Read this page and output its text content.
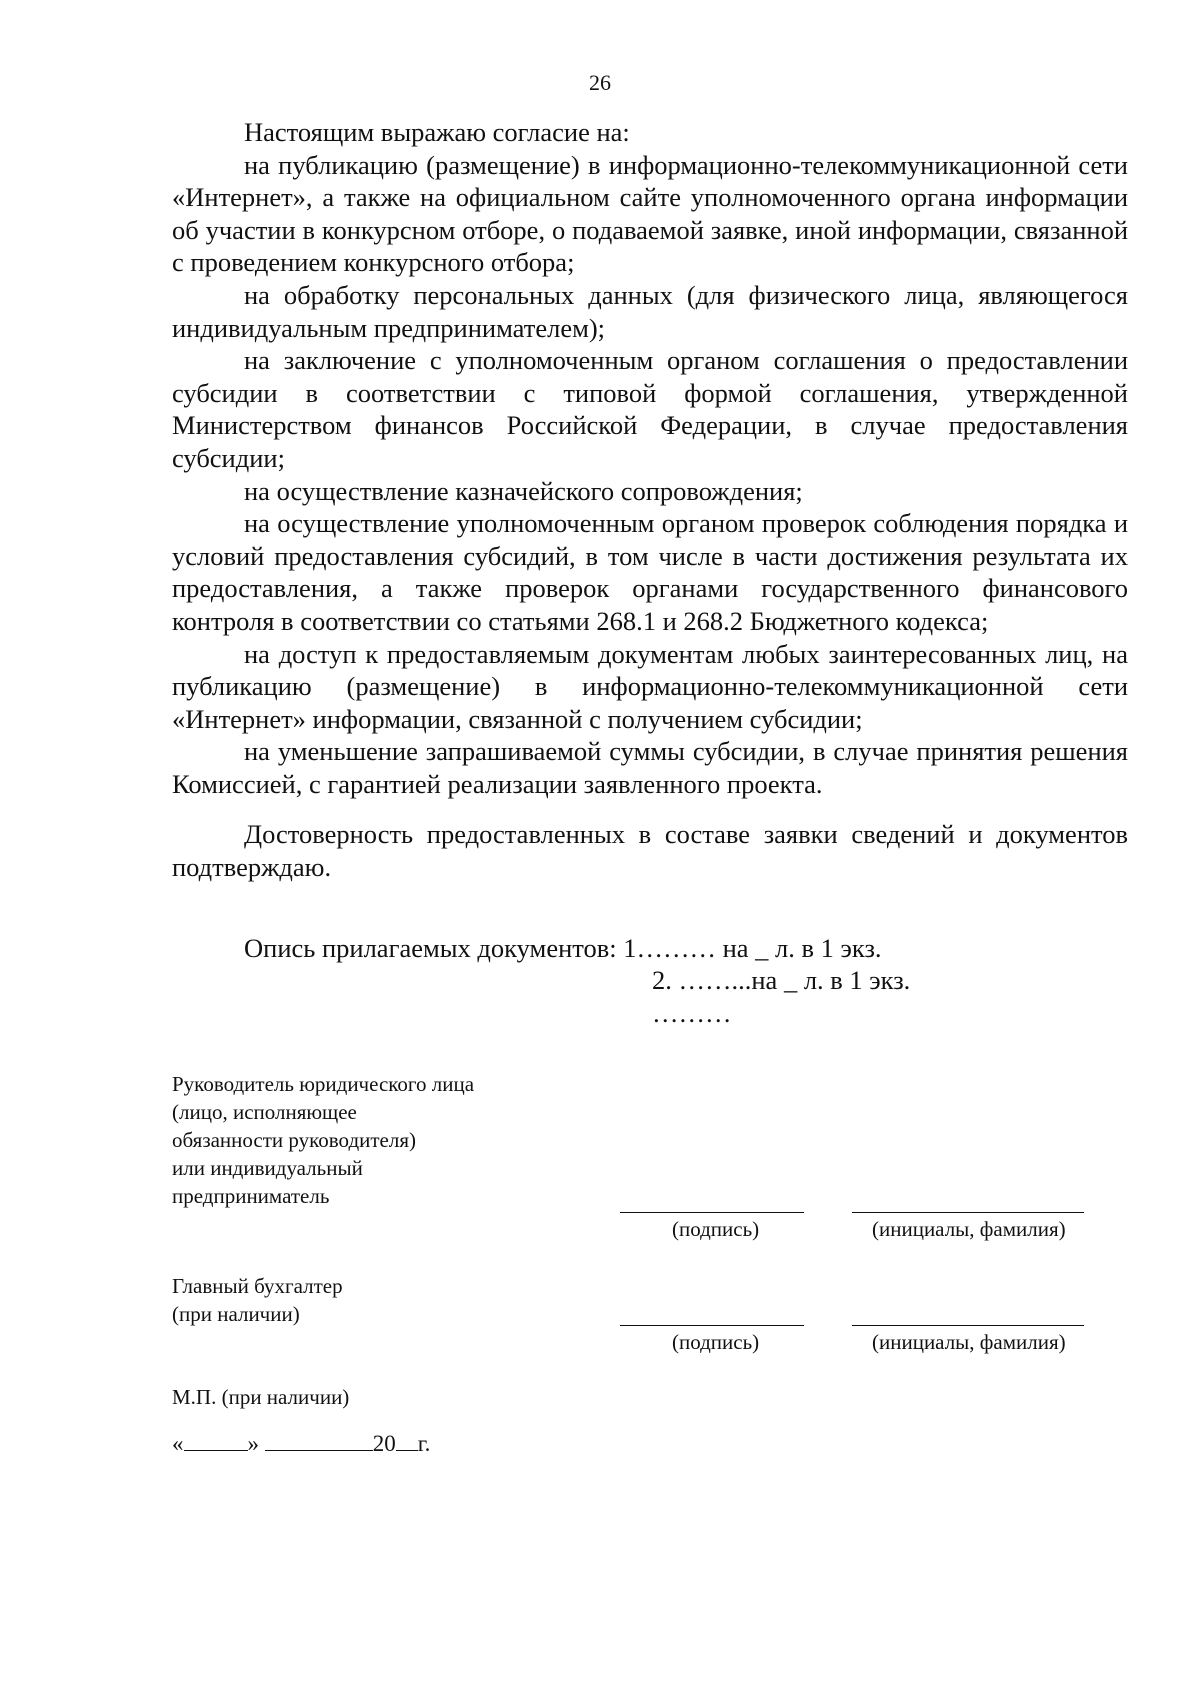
26

Настоящим выражаю согласие на:

на публикацию (размещение) в информационно-телекоммуникационной сети «Интернет», а также на официальном сайте уполномоченного органа информации об участии в конкурсном отборе, о подаваемой заявке, иной информации, связанной с проведением конкурсного отбора;

на обработку персональных данных (для физического лица, являющегося индивидуальным предпринимателем);

на заключение с уполномоченным органом соглашения о предоставлении субсидии в соответствии с типовой формой соглашения, утвержденной Министерством финансов Российской Федерации, в случае предоставления субсидии;

на осуществление казначейского сопровождения;

на осуществление уполномоченным органом проверок соблюдения порядка и условий предоставления субсидий, в том числе в части достижения результата их предоставления, а также проверок органами государственного финансового контроля в соответствии со статьями 268.1 и 268.2 Бюджетного кодекса;

на доступ к предоставляемым документам любых заинтересованных лиц, на публикацию (размещение) в информационно-телекоммуникационной сети «Интернет» информации, связанной с получением субсидии;

на уменьшение запрашиваемой суммы субсидии, в случае принятия решения Комиссией, с гарантией реализации заявленного проекта.

Достоверность предоставленных в составе заявки сведений и документов подтверждаю.

Опись прилагаемых документов: 1……… на _ л. в 1 экз.
2. ……...на _ л. в 1 экз.
………
Руководитель юридического лица
(лицо, исполняющее
обязанности руководителя)
или индивидуальный
предприниматель
(подпись)	(инициалы, фамилия)
Главный бухгалтер
(при наличии)
(подпись)	(инициалы, фамилия)
М.П. (при наличии)
«	»	20 г.
